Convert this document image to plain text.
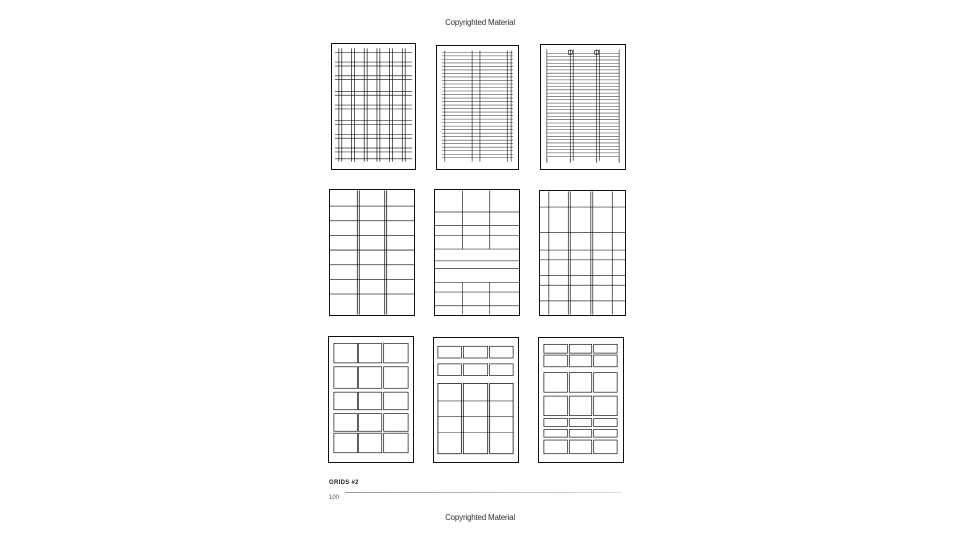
Copyrighted Material
GRIDS #2
100
Copyrighted Material
